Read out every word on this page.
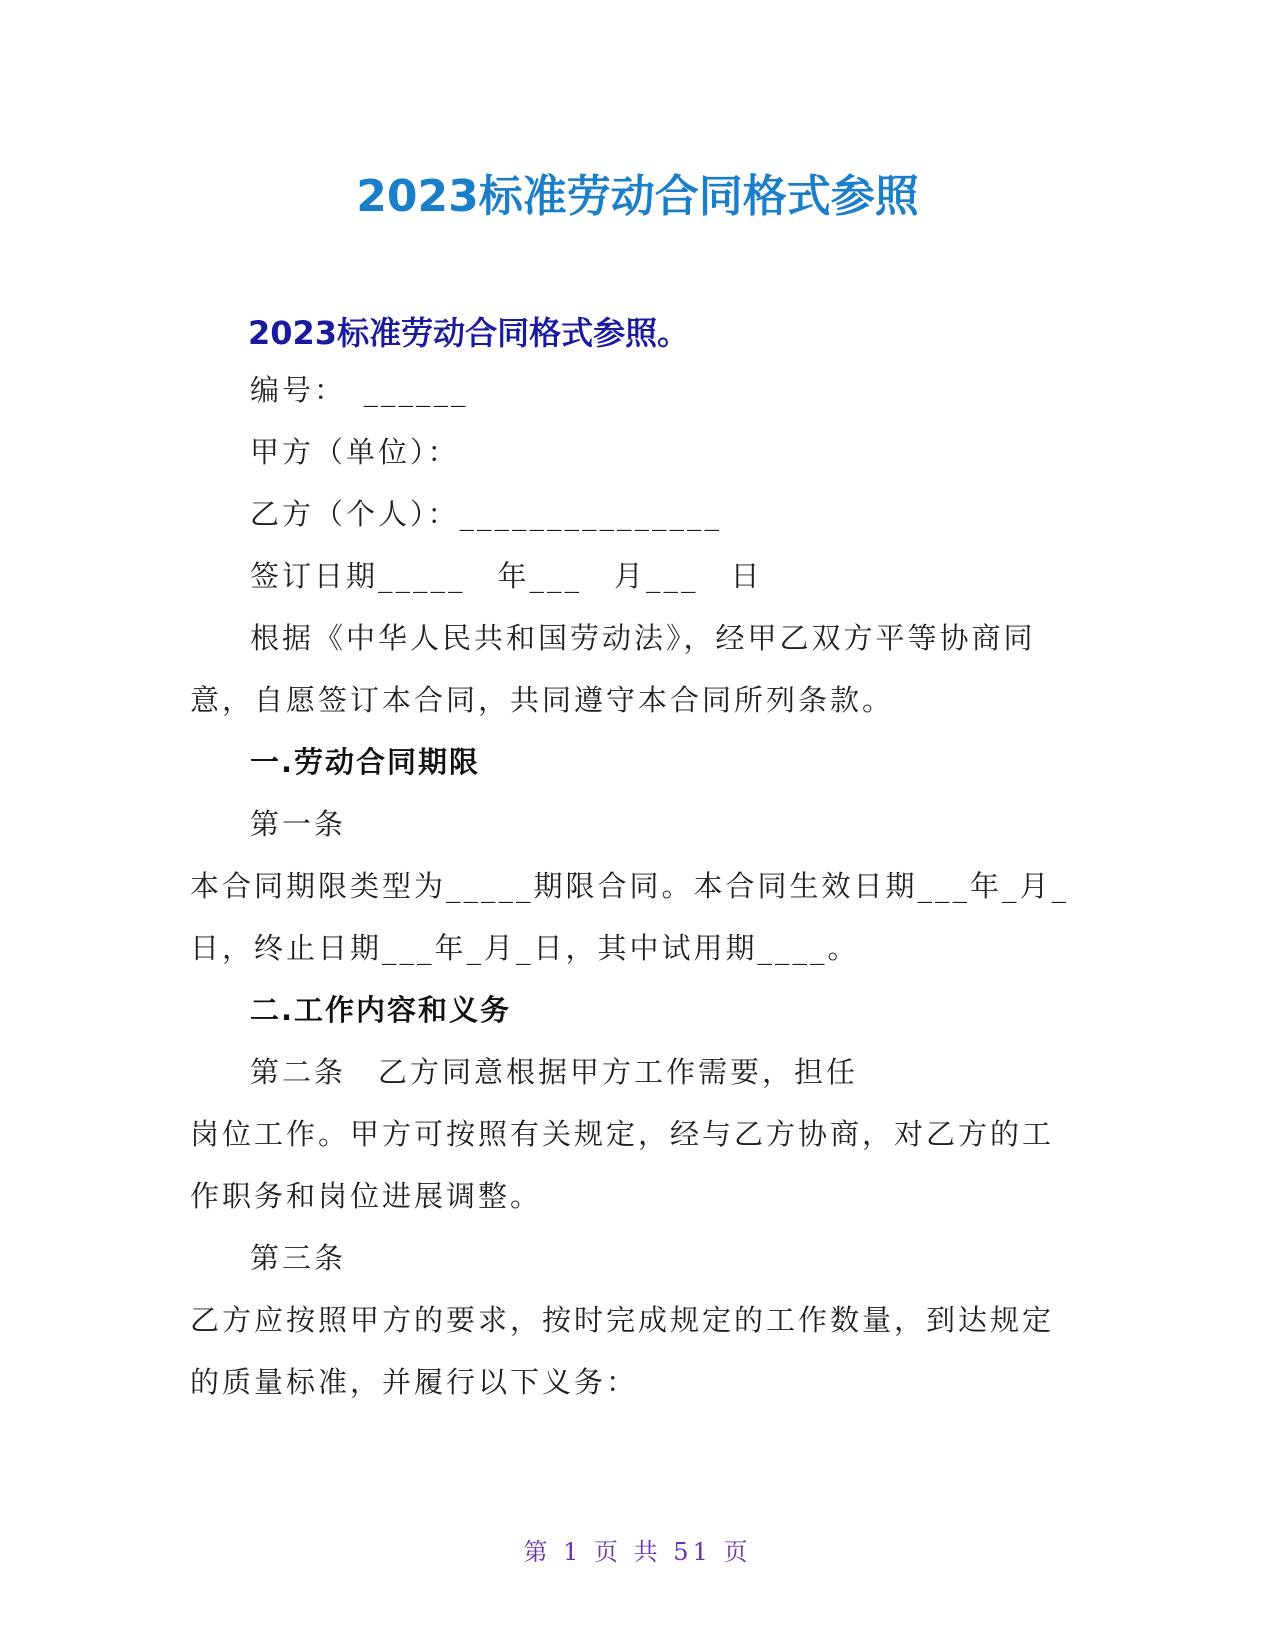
2023标准劳动合同格式参照
2023标准劳动合同格式参照。
编号：　______
甲方（单位）：
乙方（个人）：_______________
签订日期_____　年___　月___　日
根据《中华人民共和国劳动法》，经甲乙双方平等协商同
意，自愿签订本合同，共同遵守本合同所列条款。
一.劳动合同期限
第一条
本合同期限类型为_____期限合同。本合同生效日期___年_月_
日，终止日期___年_月_日，其中试用期____。
二.工作内容和义务
第二条　乙方同意根据甲方工作需要，担任
岗位工作。甲方可按照有关规定，经与乙方协商，对乙方的工
作职务和岗位进展调整。
第三条
乙方应按照甲方的要求，按时完成规定的工作数量，到达规定
的质量标准，并履行以下义务：
第 1 页 共 51 页
